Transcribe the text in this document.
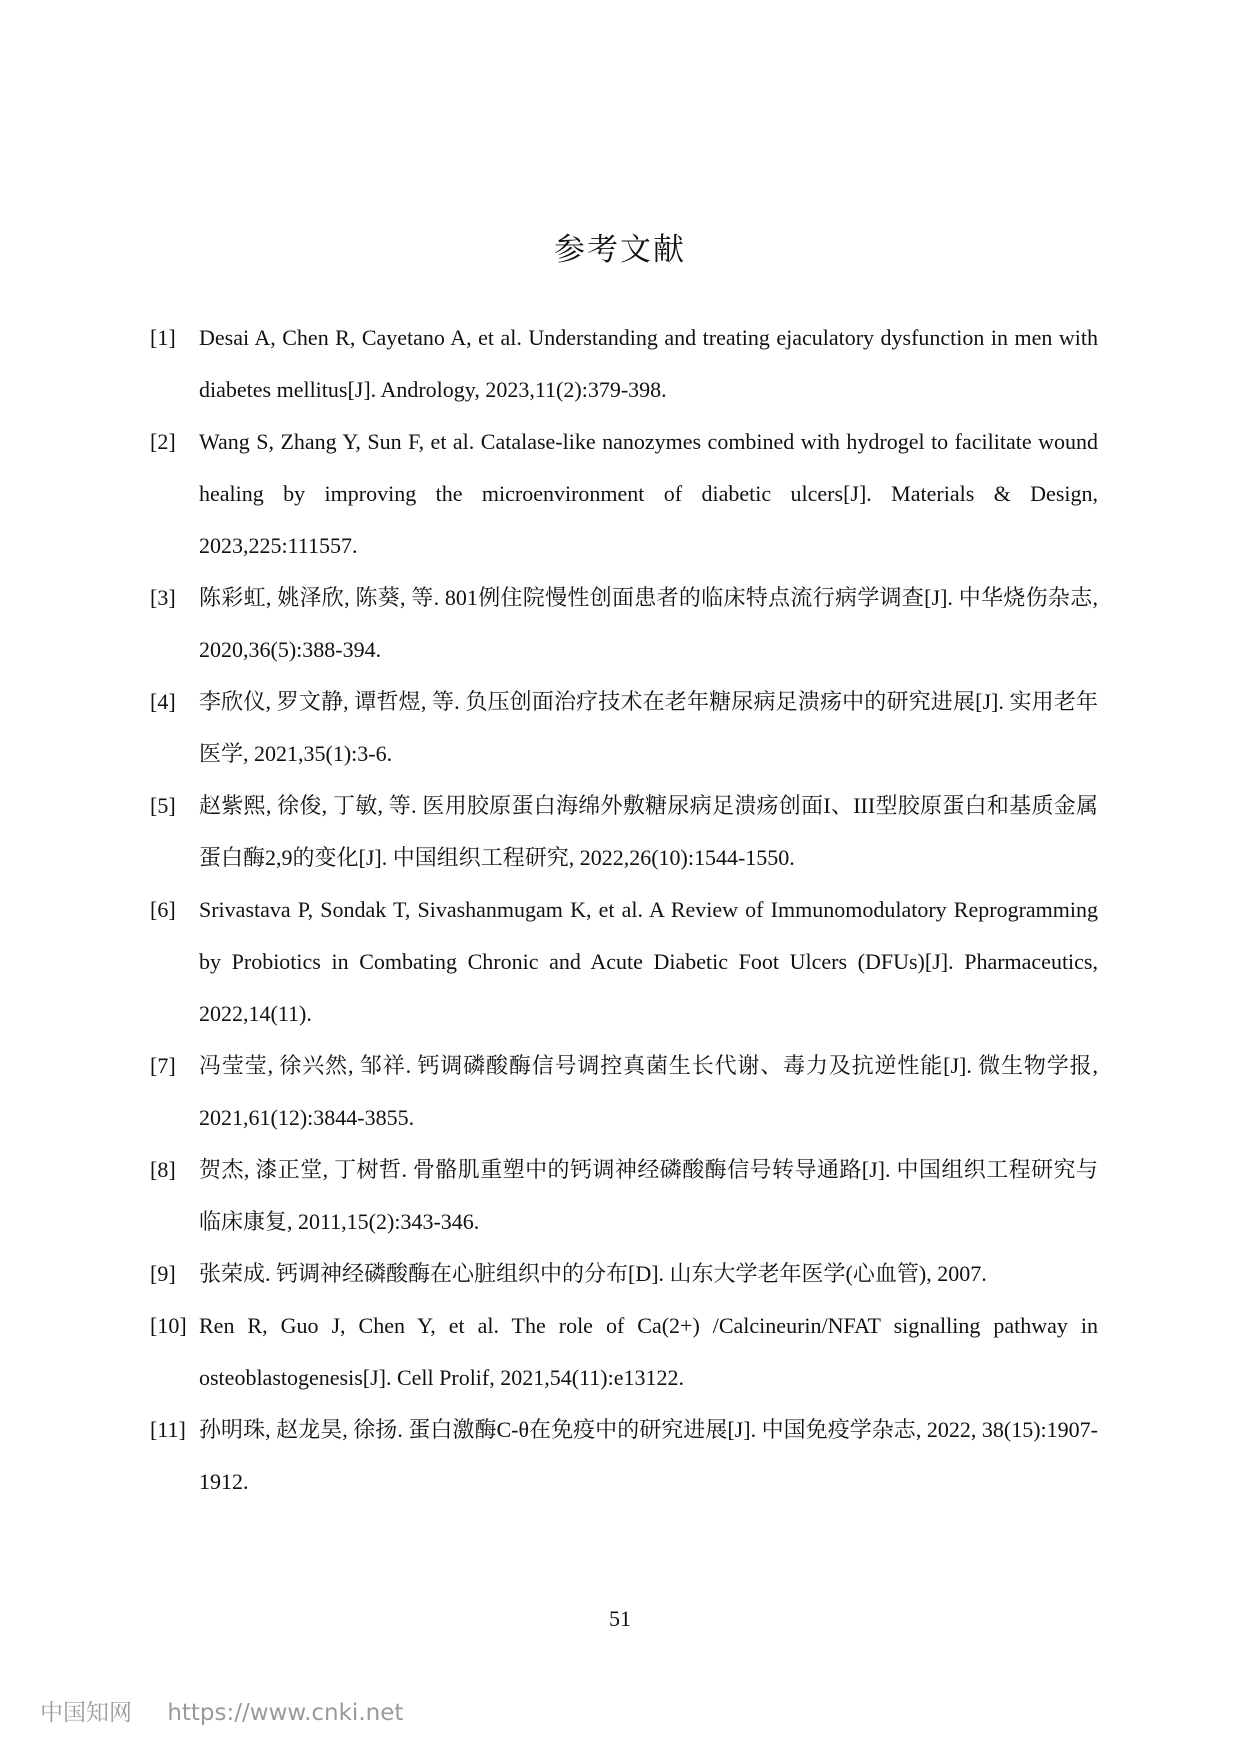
参考文献
[1]	Desai A, Chen R, Cayetano A, et al. Understanding and treating ejaculatory dysfunction in men with diabetes mellitus[J]. Andrology, 2023,11(2):379-398.
[2]	Wang S, Zhang Y, Sun F, et al. Catalase-like nanozymes combined with hydrogel to facilitate wound healing by improving the microenvironment of diabetic ulcers[J]. Materials & Design, 2023,225:111557.
[3]	陈彩虹, 姚泽欣, 陈葵, 等. 801例住院慢性创面患者的临床特点流行病学调查[J]. 中华烧伤杂志, 2020,36(5):388-394.
[4]	李欣仪, 罗文静, 谭哲煜, 等. 负压创面治疗技术在老年糖尿病足溃疡中的研究进展[J]. 实用老年医学, 2021,35(1):3-6.
[5]	赵紫熙, 徐俊, 丁敏, 等. 医用胶原蛋白海绵外敷糖尿病足溃疡创面I、III型胶原蛋白和基质金属蛋白酶2,9的变化[J]. 中国组织工程研究, 2022,26(10):1544-1550.
[6]	Srivastava P, Sondak T, Sivashanmugam K, et al. A Review of Immunomodulatory Reprogramming by Probiotics in Combating Chronic and Acute Diabetic Foot Ulcers (DFUs)[J]. Pharmaceutics, 2022,14(11).
[7]	冯莹莹, 徐兴然, 邹祥. 钙调磷酸酶信号调控真菌生长代谢、毒力及抗逆性能[J]. 微生物学报, 2021,61(12):3844-3855.
[8]	贺杰, 漆正堂, 丁树哲. 骨骼肌重塑中的钙调神经磷酸酶信号转导通路[J]. 中国组织工程研究与临床康复, 2011,15(2):343-346.
[9]	张荣成. 钙调神经磷酸酶在心脏组织中的分布[D]. 山东大学老年医学(心血管), 2007.
[10] Ren R, Guo J, Chen Y, et al. The role of Ca(2+) /Calcineurin/NFAT signalling pathway in osteoblastogenesis[J]. Cell Prolif, 2021,54(11):e13122.
[11] 孙明珠, 赵龙昊, 徐扬. 蛋白激酶C-θ在免疫中的研究进展[J]. 中国免疫学杂志, 2022, 38(15):1907-1912.
51
中国知网 https://www.cnki.net
